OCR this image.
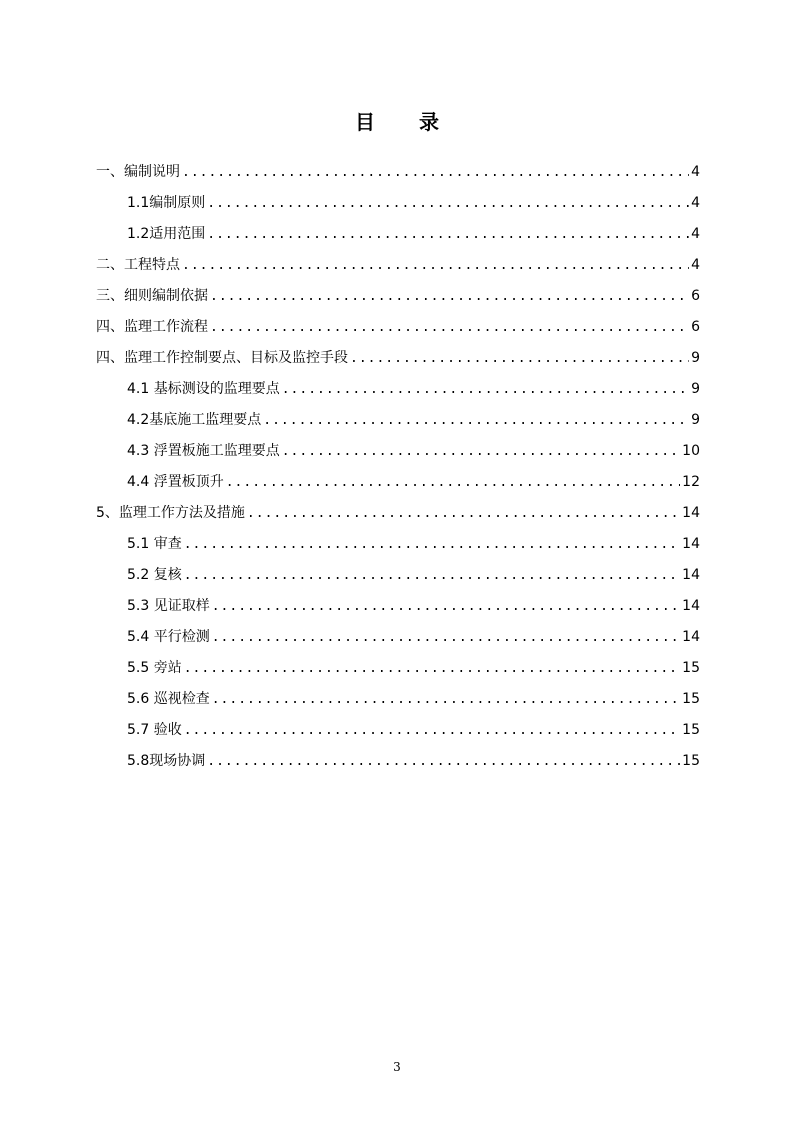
目　录
一、编制说明 .....	4
1.1编制原则 .....	4
1.2适用范围 .....	4
二、工程特点 .....	4
三、细则编制依据 .....	6
四、监理工作流程 .....	6
四、监理工作控制要点、目标及监控手段 .....	9
4.1 基标测设的监理要点 .....	9
4.2基底施工监理要点 .....	9
4.3 浮置板施工监理要点 .....	10
4.4 浮置板顶升 .....	12
5、监理工作方法及措施 .....	14
5.1 审查 .....	14
5.2 复核 .....	14
5.3 见证取样 .....	14
5.4 平行检测 .....	14
5.5 旁站 .....	15
5.6 巡视检查 .....	15
5.7 验收 .....	15
5.8现场协调 .....	15
3
